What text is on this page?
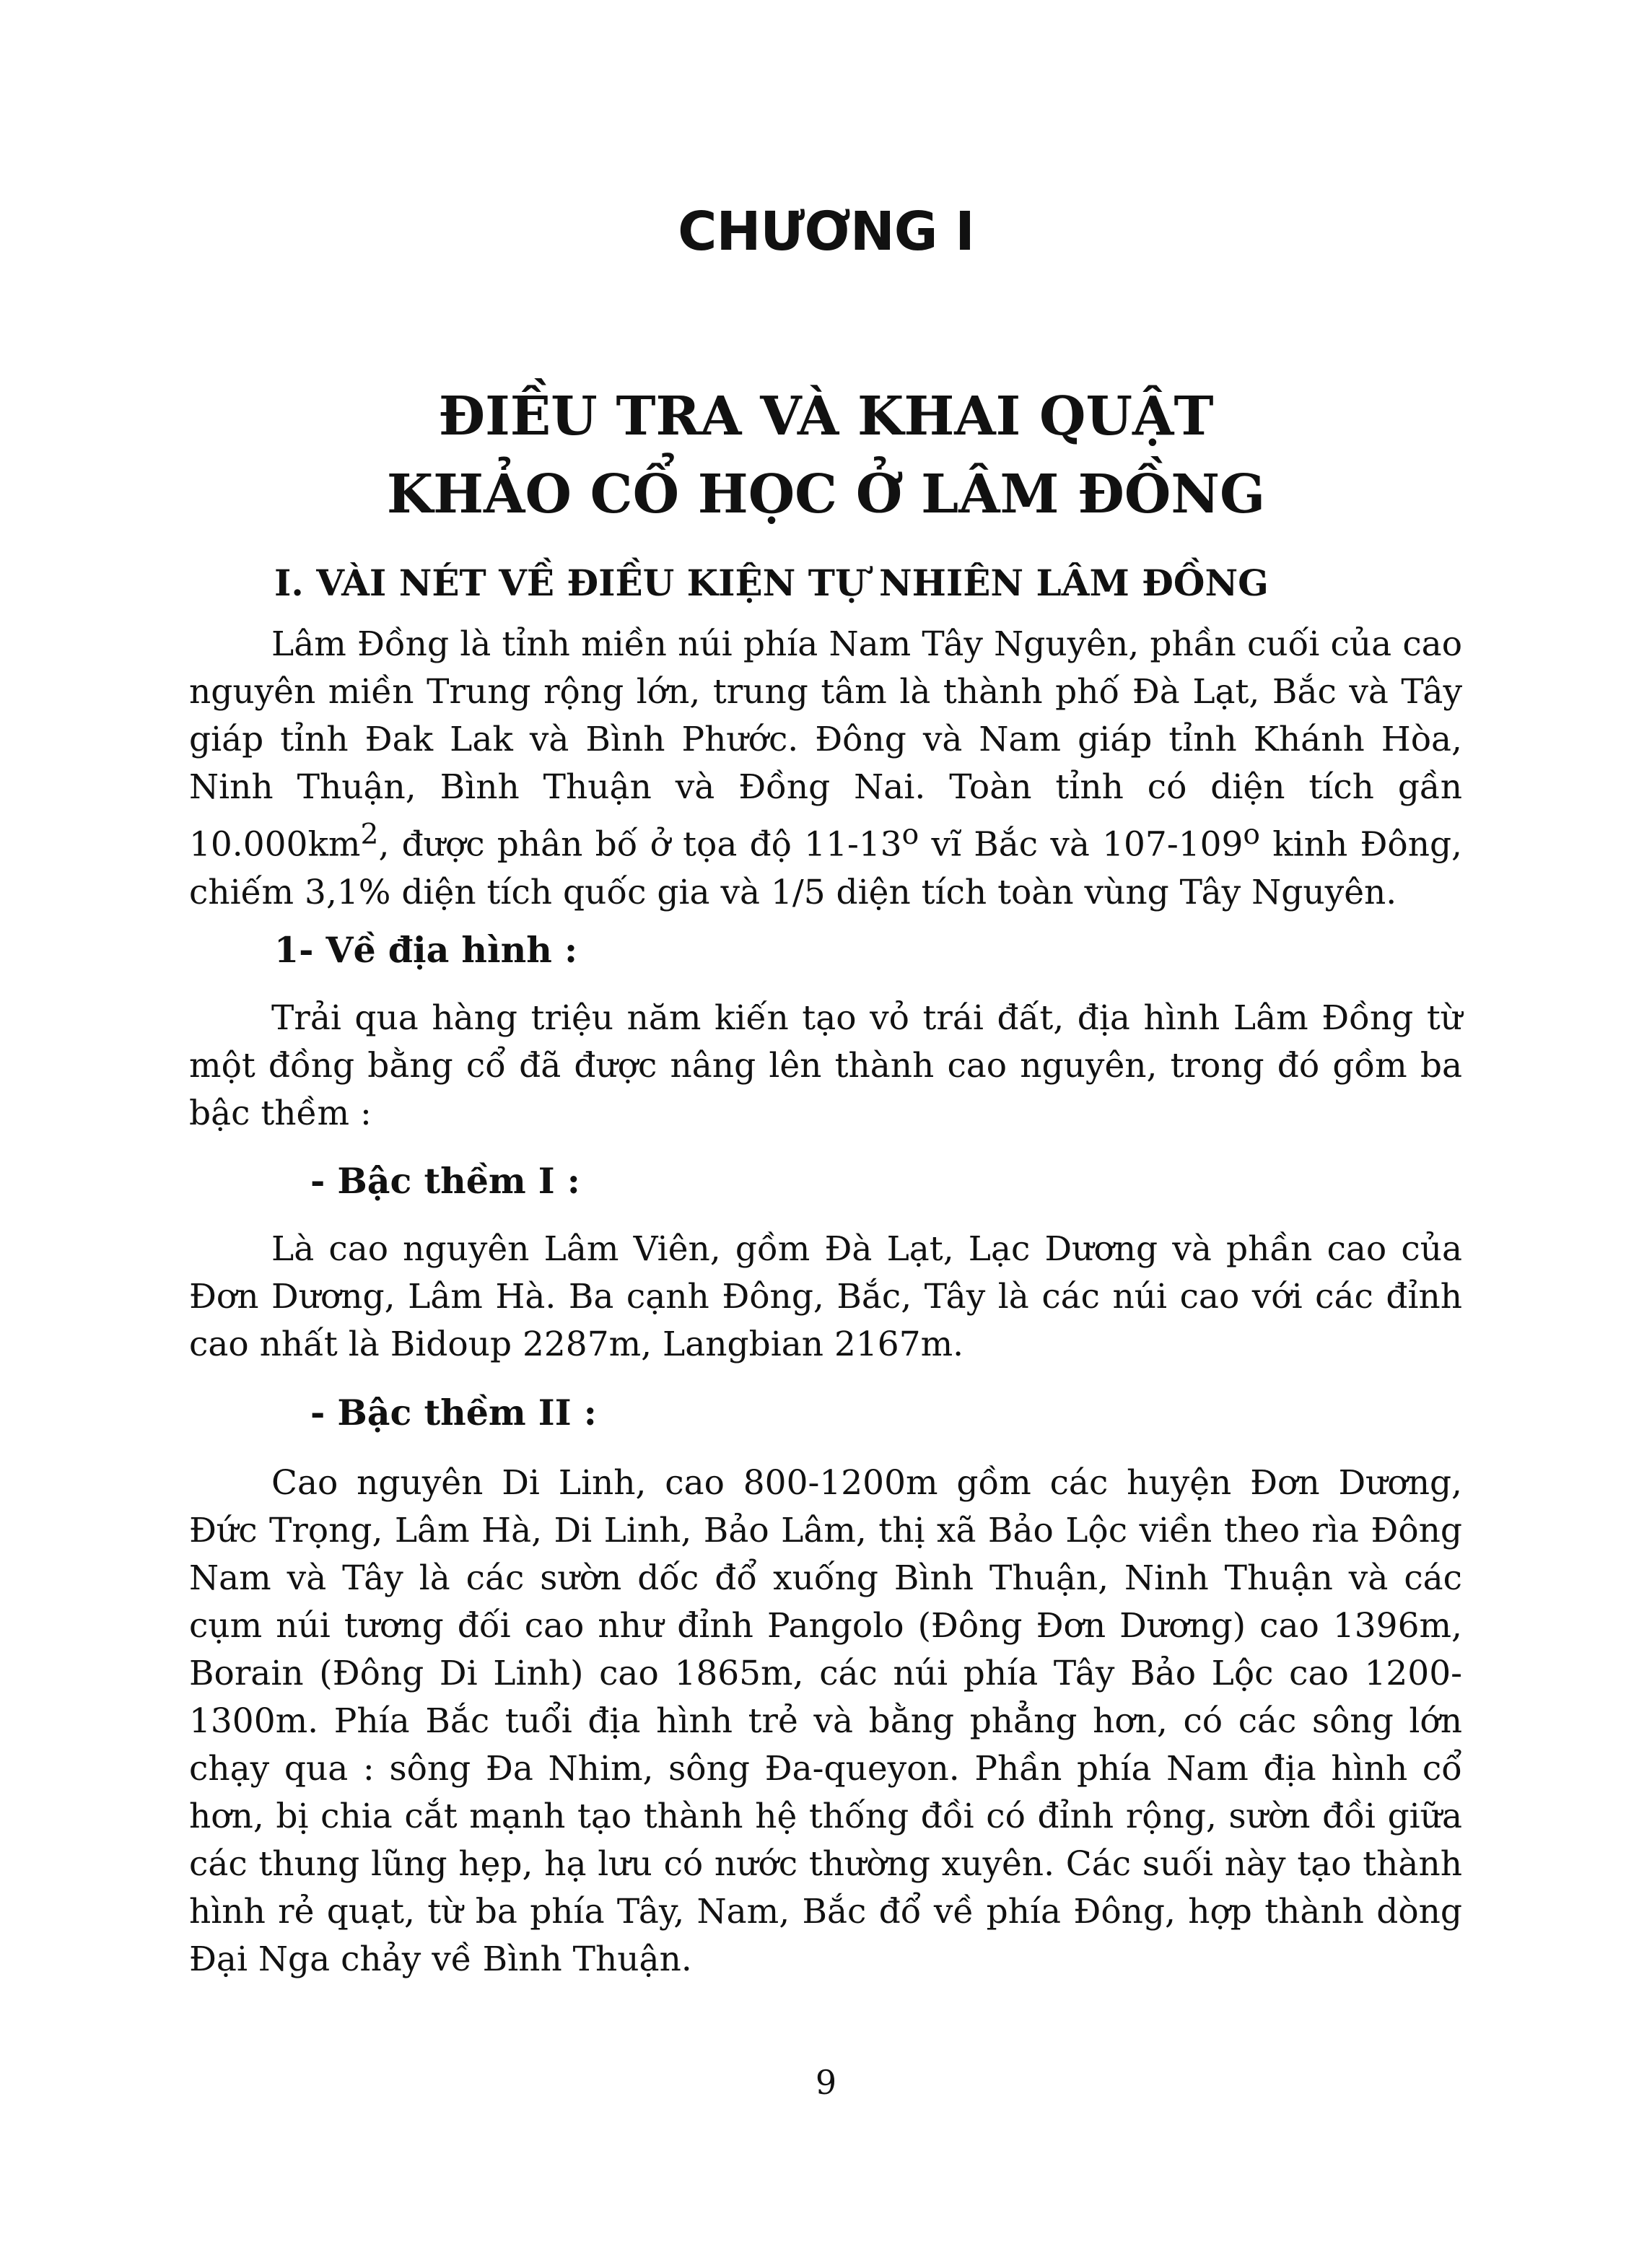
CHƯƠNG I
ĐIỀU TRA VÀ KHAI QUẬT
KHẢO CỔ HỌC Ở LÂM ĐỒNG
I. VÀI NÉT VỀ ĐIỀU KIỆN TỰ NHIÊN LÂM ĐỒNG

Lâm Đồng là tỉnh miền núi phía Nam Tây Nguyên, phần cuối của cao nguyên miền Trung rộng lớn, trung tâm là thành phố Đà Lạt, Bắc và Tây giáp tỉnh Đak Lak và Bình Phước. Đông và Nam giáp tỉnh Khánh Hòa, Ninh Thuận, Bình Thuận và Đồng Nai. Toàn tỉnh có diện tích gần $10.000km^2$, được phân bố ở tọa độ 11-13$^o$ vĩ Bắc và 107-109$^o$ kinh Đông, chiếm 3,1% diện tích quốc gia và 1/5 diện tích toàn vùng Tây Nguyên.

1- Về địa hình :

Trải qua hàng triệu năm kiến tạo vỏ trái đất, địa hình Lâm Đồng từ một đồng bằng cổ đã được nâng lên thành cao nguyên, trong đó gồm ba bậc thềm :

- Bậc thềm I :

Là cao nguyên Lâm Viên, gồm Đà Lạt, Lạc Dương và phần cao của Đơn Dương, Lâm Hà. Ba cạnh Đông, Bắc, Tây là các núi cao với các đỉnh cao nhất là Bidoup 2287m, Langbian 2167m.

- Bậc thềm II :

Cao nguyên Di Linh, cao 800-1200m gồm các huyện Đơn Dương, Đức Trọng, Lâm Hà, Di Linh, Bảo Lâm, thị xã Bảo Lộc viền theo rìa Đông Nam và Tây là các sườn dốc đổ xuống Bình Thuận, Ninh Thuận và các cụm núi tương đối cao như đỉnh Pangolo (Đông Đơn Dương) cao 1396m, Borain (Đông Di Linh) cao 1865m, các núi phía Tây Bảo Lộc cao 1200-1300m. Phía Bắc tuổi địa hình trẻ và bằng phẳng hơn, có các sông lớn chạy qua : sông Đa Nhim, sông Đa-queyon. Phần phía Nam địa hình cổ hơn, bị chia cắt mạnh tạo thành hệ thống đồi có đỉnh rộng, sườn đồi giữa các thung lũng hẹp, hạ lưu có nước thường xuyên. Các suối này tạo thành hình rẻ quạt, từ ba phía Tây, Nam, Bắc đổ về phía Đông, hợp thành dòng Đại Nga chảy về Bình Thuận.

9
